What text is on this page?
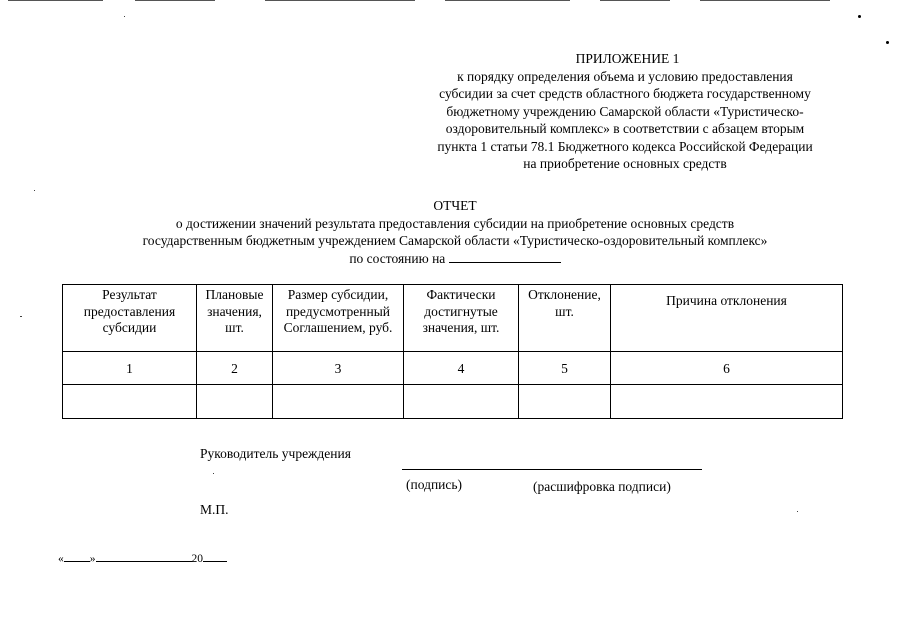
ПРИЛОЖЕНИЕ 1
к порядку определения объема и условию предоставления
субсидии за счет средств областного бюджета государственному
бюджетному учреждению Самарской области «Туристическо-
оздоровительный комплекс» в соответствии с абзацем вторым
пункта 1 статьи 78.1 Бюджетного кодекса Российской Федерации
на приобретение основных средств
ОТЧЕТ
о достижении значений результата предоставления субсидии на приобретение основных средств
государственным бюджетным учреждением Самарской области «Туристическо-оздоровительный комплекс»
по состоянию на
Результат предоставления субсидии	Плановые значения, шт.	Размер субсидии, предусмотренный Соглашением, руб.	Фактически достигнутые значения, шт.	Отклонение, шт.	Причина отклонения
1	2	3	4	5	6

Руководитель учреждения
(подпись)	(расшифровка подписи)
М.П.
« »	20
